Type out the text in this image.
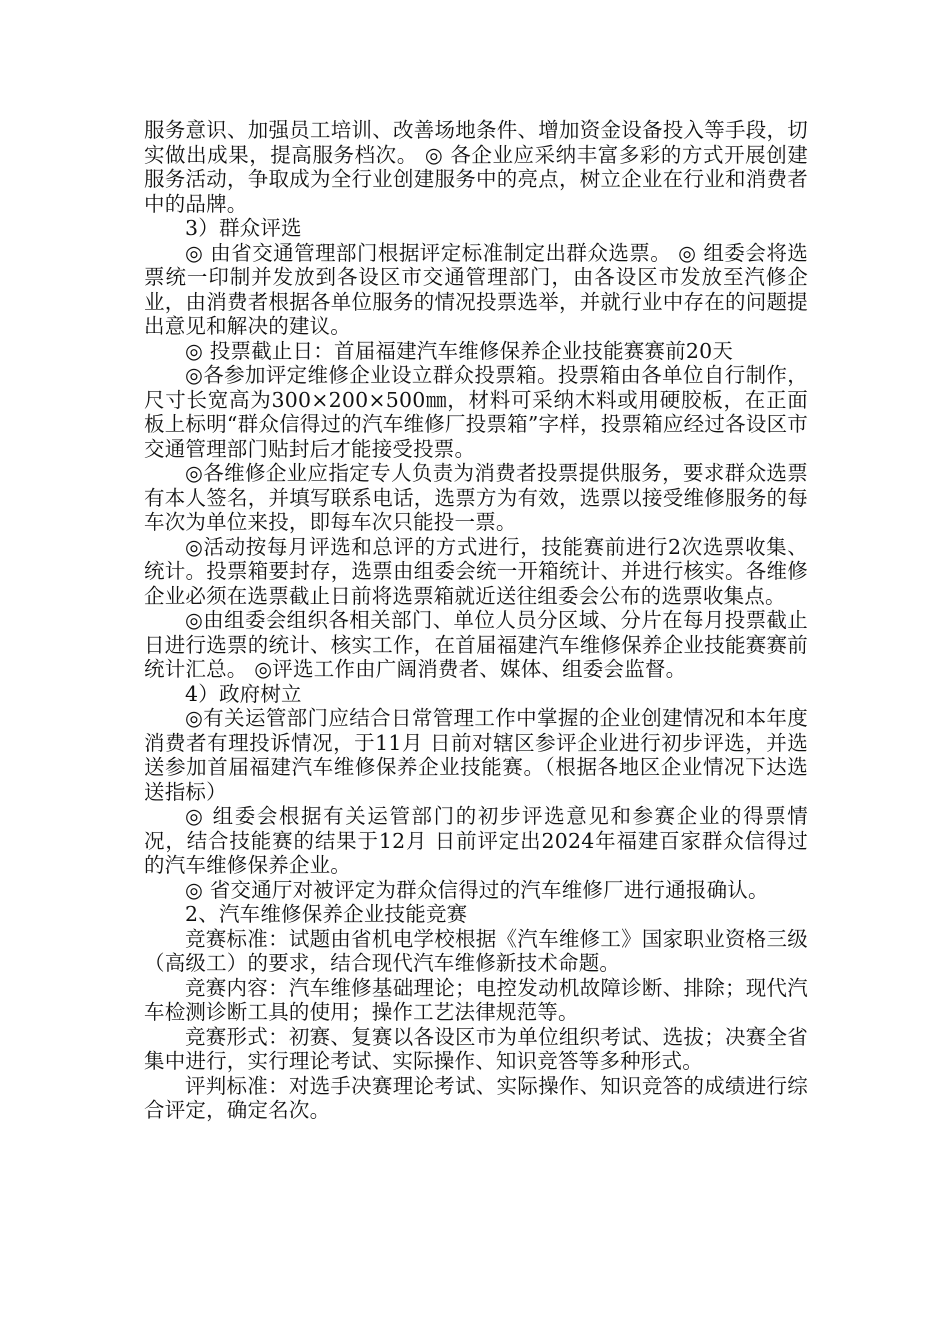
服务意识、加强员工培训、改善场地条件、增加资金设备投入等手段，切实做出成果，提高服务档次。 ◎ 各企业应采纳丰富多彩的方式开展创建服务活动，争取成为全行业创建服务中的亮点，树立企业在行业和消费者中的品牌。

3）群众评选

◎ 由省交通管理部门根据评定标准制定出群众选票。 ◎ 组委会将选票统一印制并发放到各设区市交通管理部门，由各设区市发放至汽修企业，由消费者根据各单位服务的情况投票选举，并就行业中存在的问题提出意见和解决的建议。

◎ 投票截止日：首届福建汽车维修保养企业技能赛赛前20天

◎各参加评定维修企业设立群众投票箱。投票箱由各单位自行制作，尺寸长宽高为300×200×500㎜，材料可采纳木料或用硬胶板，在正面板上标明“群众信得过的汽车维修厂投票箱”字样，投票箱应经过各设区市交通管理部门贴封后才能接受投票。

◎各维修企业应指定专人负责为消费者投票提供服务，要求群众选票有本人签名，并填写联系电话，选票方为有效，选票以接受维修服务的每车次为单位来投，即每车次只能投一票。

◎活动按每月评选和总评的方式进行，技能赛前进行2次选票收集、统计。投票箱要封存，选票由组委会统一开箱统计、并进行核实。各维修企业必须在选票截止日前将选票箱就近送往组委会公布的选票收集点。

◎由组委会组织各相关部门、单位人员分区域、分片在每月投票截止日进行选票的统计、核实工作，在首届福建汽车维修保养企业技能赛赛前统计汇总。 ◎评选工作由广阔消费者、媒体、组委会监督。

4）政府树立

◎有关运管部门应结合日常管理工作中掌握的企业创建情况和本年度消费者有理投诉情况，于11月 日前对辖区参评企业进行初步评选，并选送参加首届福建汽车维修保养企业技能赛。（根据各地区企业情况下达选送指标）

◎ 组委会根据有关运管部门的初步评选意见和参赛企业的得票情况，结合技能赛的结果于12月 日前评定出2024年福建百家群众信得过的汽车维修保养企业。

◎ 省交通厅对被评定为群众信得过的汽车维修厂进行通报确认。

2、汽车维修保养企业技能竞赛

竞赛标准：试题由省机电学校根据《汽车维修工》国家职业资格三级（高级工）的要求，结合现代汽车维修新技术命题。

竞赛内容：汽车维修基础理论；电控发动机故障诊断、排除；现代汽车检测诊断工具的使用；操作工艺法律规范等。

竞赛形式：初赛、复赛以各设区市为单位组织考试、选拔；决赛全省集中进行，实行理论考试、实际操作、知识竞答等多种形式。

评判标准：对选手决赛理论考试、实际操作、知识竞答的成绩进行综合评定，确定名次。
